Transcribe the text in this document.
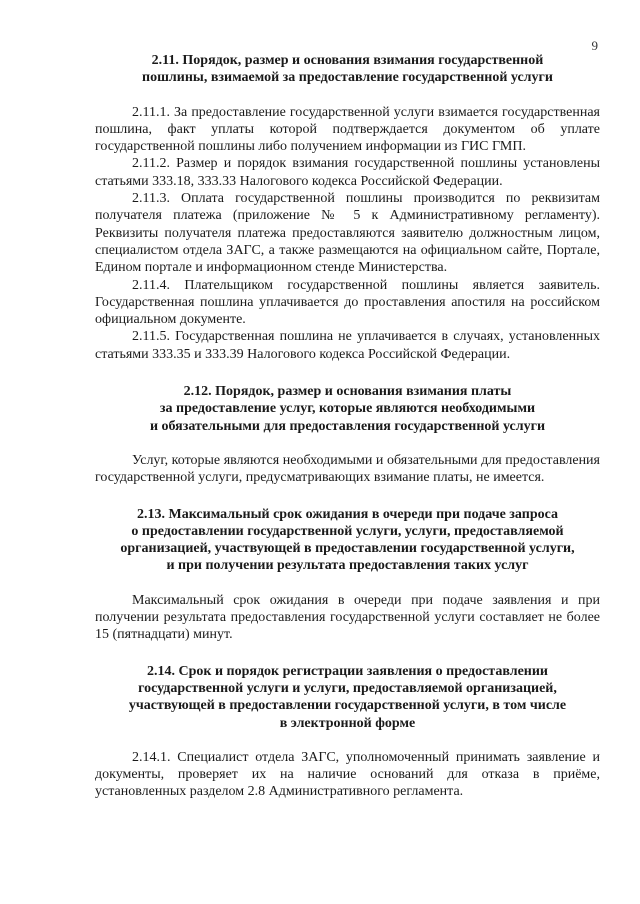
9
2.11. Порядок, размер и основания взимания государственной
пошлины, взимаемой за предоставление государственной услуги

2.11.1. За предоставление государственной услуги взимается государственная пошлина, факт уплаты которой подтверждается документом об уплате государственной пошлины либо получением информации из ГИС ГМП.

2.11.2. Размер и порядок взимания государственной пошлины установлены статьями 333.18, 333.33 Налогового кодекса Российской Федерации.

2.11.3. Оплата государственной пошлины производится по реквизитам получателя платежа (приложение № 5 к Административному регламенту). Реквизиты получателя платежа предоставляются заявителю должностным лицом, специалистом отдела ЗАГС, а также размещаются на официальном сайте, Портале, Едином портале и информационном стенде Министерства.

2.11.4. Плательщиком государственной пошлины является заявитель. Государственная пошлина уплачивается до проставления апостиля на российском официальном документе.

2.11.5. Государственная пошлина не уплачивается в случаях, установленных статьями 333.35 и 333.39 Налогового кодекса Российской Федерации.

2.12. Порядок, размер и основания взимания платы
за предоставление услуг, которые являются необходимыми
и обязательными для предоставления государственной услуги

Услуг, которые являются необходимыми и обязательными для предоставления государственной услуги, предусматривающих взимание платы, не имеется.

2.13. Максимальный срок ожидания в очереди при подаче запроса
о предоставлении государственной услуги, услуги, предоставляемой
организацией, участвующей в предоставлении государственной услуги,
и при получении результата предоставления таких услуг

Максимальный срок ожидания в очереди при подаче заявления и при получении результата предоставления государственной услуги составляет не более 15 (пятнадцати) минут.

2.14. Срок и порядок регистрации заявления о предоставлении
государственной услуги и услуги, предоставляемой организацией,
участвующей в предоставлении государственной услуги, в том числе
в электронной форме

2.14.1. Специалист отдела ЗАГС, уполномоченный принимать заявление и документы, проверяет их на наличие оснований для отказа в приёме, установленных разделом 2.8 Административного регламента.
